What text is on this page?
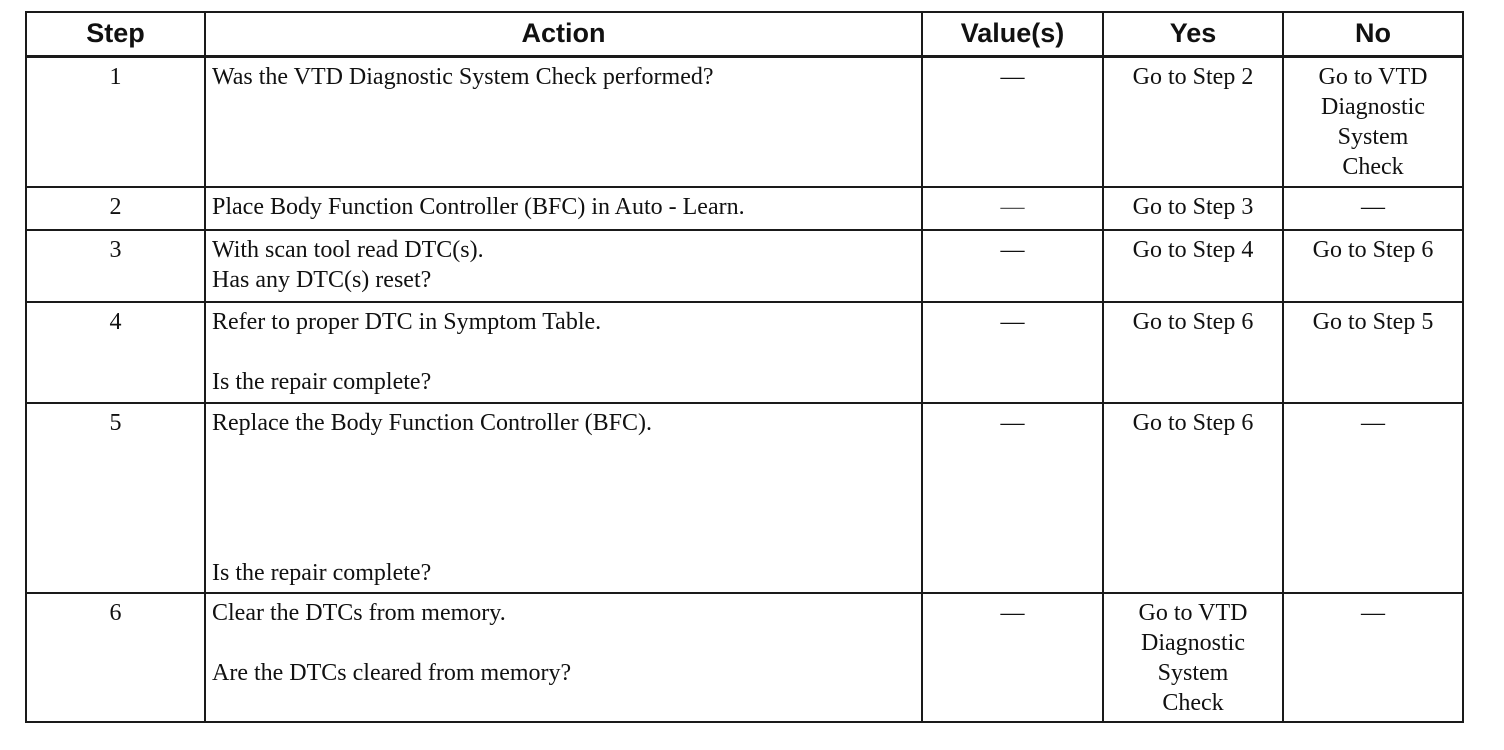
Step	Action	Value(s)	Yes	No
1	Was the VTD Diagnostic System Check performed?	—	Go to Step 2	Go to VTD
Diagnostic
System
Check

2	Place Body Function Controller (BFC) in Auto - Learn.	—	Go to Step 3	—

3	With scan tool read DTC(s).
Has any DTC(s) reset?	—	Go to Step 4	Go to Step 6

4	Refer to proper DTC in Symptom Table.
Is the repair complete?	—	Go to Step 6	Go to Step 5

5	Replace the Body Function Controller (BFC).
Is the repair complete?	—	Go to Step 6	—

6	Clear the DTCs from memory.
Are the DTCs cleared from memory?	—	Go to VTD
Diagnostic
System
Check	—
